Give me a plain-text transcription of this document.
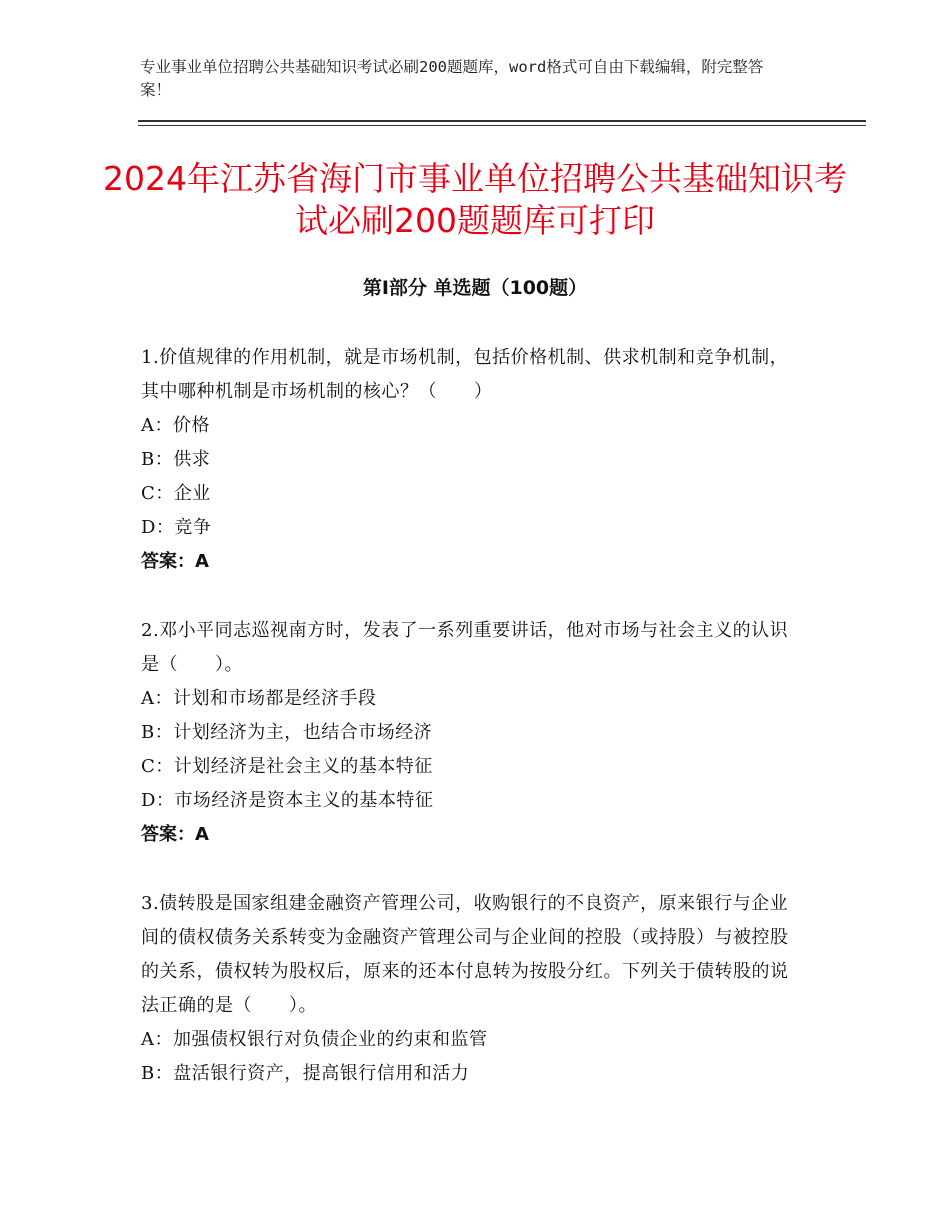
专业事业单位招聘公共基础知识考试必刷200题题库，word格式可自由下载编辑，附完整答案！
2024年江苏省海门市事业单位招聘公共基础知识考试必刷200题题库可打印
第Ⅰ部分 单选题（100题）
1.价值规律的作用机制，就是市场机制，包括价格机制、供求机制和竞争机制，其中哪种机制是市场机制的核心？（　　）
A：价格
B：供求
C：企业
D：竞争
答案：A
2.邓小平同志巡视南方时，发表了一系列重要讲话，他对市场与社会主义的认识是（　　）。
A：计划和市场都是经济手段
B：计划经济为主，也结合市场经济
C：计划经济是社会主义的基本特征
D：市场经济是资本主义的基本特征
答案：A
3.债转股是国家组建金融资产管理公司，收购银行的不良资产，原来银行与企业间的债权债务关系转变为金融资产管理公司与企业间的控股（或持股）与被控股的关系，债权转为股权后，原来的还本付息转为按股分红。下列关于债转股的说法正确的是（　　）。
A：加强债权银行对负债企业的约束和监管
B：盘活银行资产，提高银行信用和活力
